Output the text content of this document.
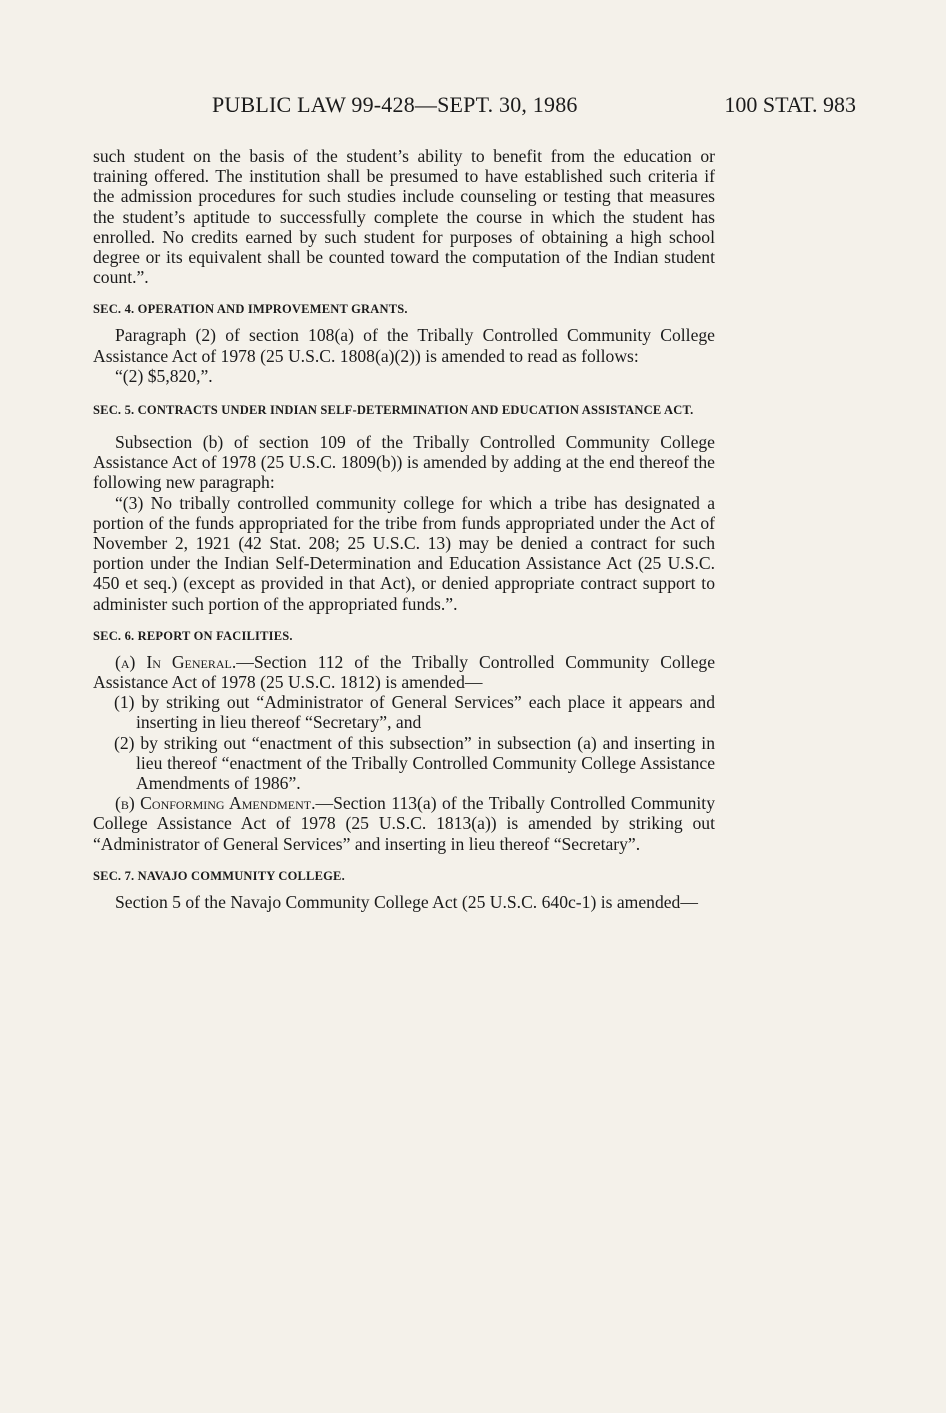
PUBLIC LAW 99-428—SEPT. 30, 1986	100 STAT. 983

such student on the basis of the student’s ability to benefit from the education or training offered. The institution shall be presumed to have established such criteria if the admission procedures for such studies include counseling or testing that measures the student’s aptitude to successfully complete the course in which the student has enrolled. No credits earned by such student for purposes of obtaining a high school degree or its equivalent shall be counted toward the computation of the Indian student count.”.

SEC. 4. OPERATION AND IMPROVEMENT GRANTS.

Paragraph (2) of section 108(a) of the Tribally Controlled Community College Assistance Act of 1978 (25 U.S.C. 1808(a)(2)) is amended to read as follows:

“(2) $5,820,”.

SEC. 5. CONTRACTS UNDER INDIAN SELF-DETERMINATION AND EDUCATION ASSISTANCE ACT.

Subsection (b) of section 109 of the Tribally Controlled Community College Assistance Act of 1978 (25 U.S.C. 1809(b)) is amended by adding at the end thereof the following new paragraph:

“(3) No tribally controlled community college for which a tribe has designated a portion of the funds appropriated for the tribe from funds appropriated under the Act of November 2, 1921 (42 Stat. 208; 25 U.S.C. 13) may be denied a contract for such portion under the Indian Self-Determination and Education Assistance Act (25 U.S.C. 450 et seq.) (except as provided in that Act), or denied appropriate contract support to administer such portion of the appropriated funds.”.

SEC. 6. REPORT ON FACILITIES.

(a) In General.—Section 112 of the Tribally Controlled Community College Assistance Act of 1978 (25 U.S.C. 1812) is amended—

(1) by striking out “Administrator of General Services” each place it appears and inserting in lieu thereof “Secretary”, and

(2) by striking out “enactment of this subsection” in subsection (a) and inserting in lieu thereof “enactment of the Tribally Controlled Community College Assistance Amendments of 1986”.

(b) Conforming Amendment.—Section 113(a) of the Tribally Controlled Community College Assistance Act of 1978 (25 U.S.C. 1813(a)) is amended by striking out “Administrator of General Services” and inserting in lieu thereof “Secretary”.

SEC. 7. NAVAJO COMMUNITY COLLEGE.

Section 5 of the Navajo Community College Act (25 U.S.C. 640c-1) is amended—
